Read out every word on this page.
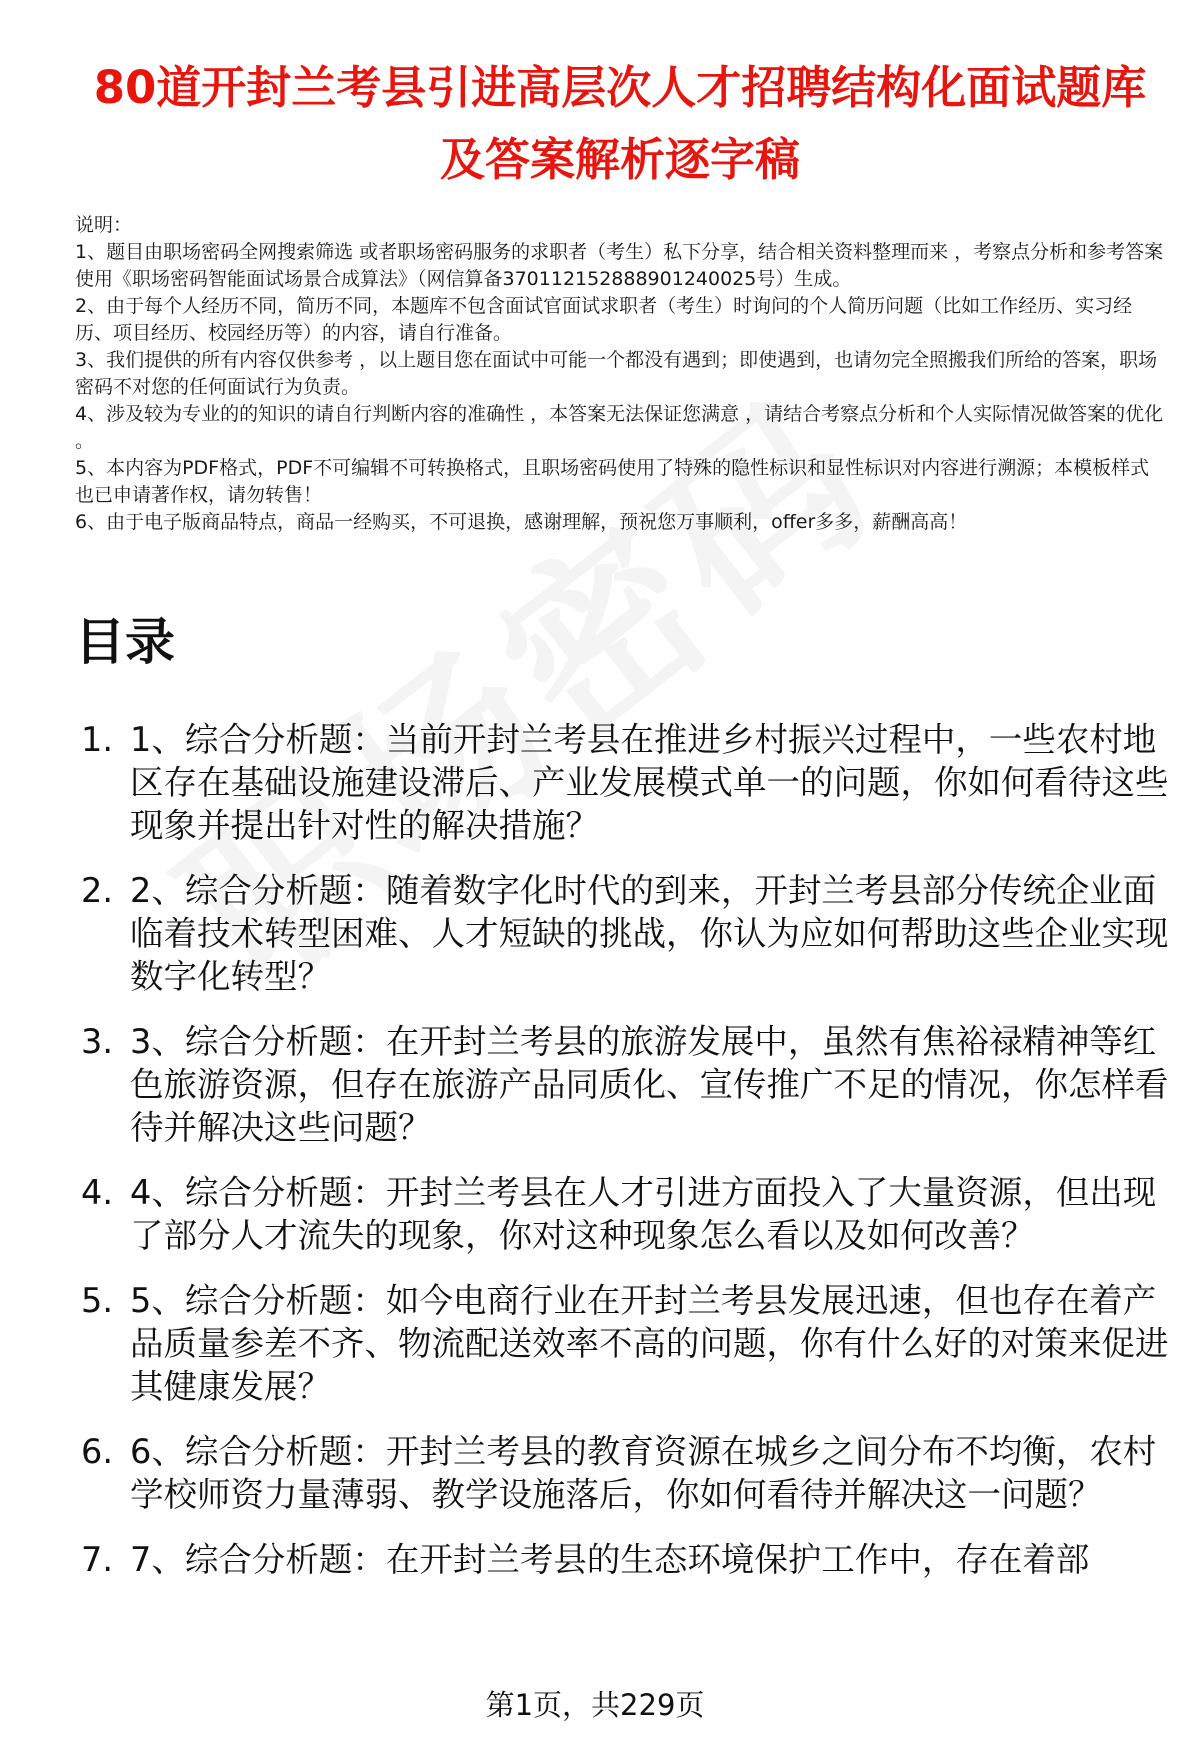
80道开封兰考县引进高层次人才招聘结构化面试题库及答案解析逐字稿

说明：

1、题目由职场密码全网搜索筛选 或者职场密码服务的求职者（考生）私下分享，结合相关资料整理而来 ，考察点分析和参考答案使用《职场密码智能面试场景合成算法》（网信算备370112152888901240025号）生成。

2、由于每个人经历不同，简历不同，本题库不包含面试官面试求职者（考生）时询问的个人简历问题（比如工作经历、实习经历、项目经历、校园经历等）的内容，请自行准备。

3、我们提供的所有内容仅供参考 ，以上题目您在面试中可能一个都没有遇到；即使遇到，也请勿完全照搬我们所给的答案，职场密码不对您的任何面试行为负责。

4、涉及较为专业的的知识的请自行判断内容的准确性 ，本答案无法保证您满意 ，请结合考察点分析和个人实际情况做答案的优化 。

5、本内容为PDF格式，PDF不可编辑不可转换格式，且职场密码使用了特殊的隐性标识和显性标识对内容进行溯源；本模板样式也已申请著作权，请勿转售！

6、由于电子版商品特点，商品一经购买，不可退换，感谢理解，预祝您万事顺利，offer多多，薪酬高高！

目录
1. 1、综合分析题：当前开封兰考县在推进乡村振兴过程中，一些农村地区存在基础设施建设滞后、产业发展模式单一的问题，你如何看待这些现象并提出针对性的解决措施？
2. 2、综合分析题：随着数字化时代的到来，开封兰考县部分传统企业面临着技术转型困难、人才短缺的挑战，你认为应如何帮助这些企业实现数字化转型？
3. 3、综合分析题：在开封兰考县的旅游发展中，虽然有焦裕禄精神等红色旅游资源，但存在旅游产品同质化、宣传推广不足的情况，你怎样看待并解决这些问题？
4. 4、综合分析题：开封兰考县在人才引进方面投入了大量资源，但出现了部分人才流失的现象，你对这种现象怎么看以及如何改善？
5. 5、综合分析题：如今电商行业在开封兰考县发展迅速，但也存在着产品质量参差不齐、物流配送效率不高的问题，你有什么好的对策来促进其健康发展？
6. 6、综合分析题：开封兰考县的教育资源在城乡之间分布不均衡，农村学校师资力量薄弱、教学设施落后，你如何看待并解决这一问题？
7. 7、综合分析题：在开封兰考县的生态环境保护工作中，存在着部
第1页，共229页
